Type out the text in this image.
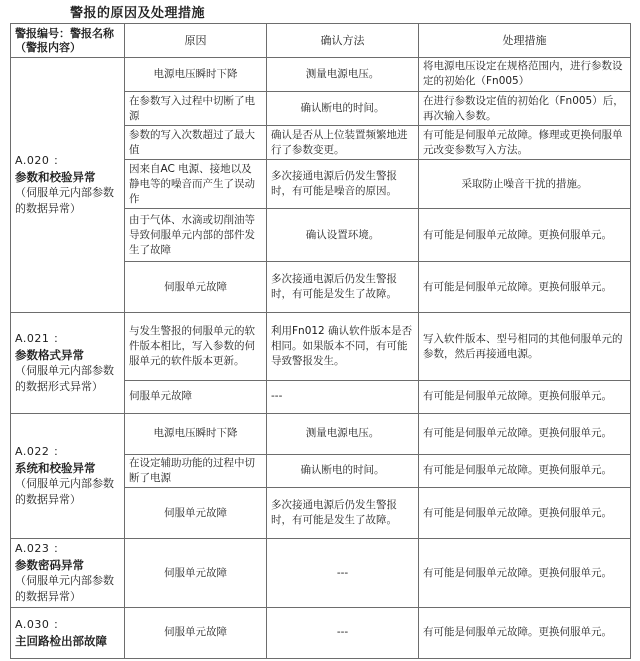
警报的原因及处理措施
警报编号：警报名称（警报内容）	原因	确认方法	处理措施

A.020 ：
参数和校验异常
（伺服单元内部参数的数据异常）	电源电压瞬时下降	测量电源电压。	将电源电压设定在规格范围内，进行参数设定的初始化（Fn005）
	在参数写入过程中切断了电源	确认断电的时间。	在进行参数设定值的初始化（Fn005）后，再次输入参数。
	参数的写入次数超过了最大值	确认是否从上位装置频繁地进行了参数变更。	有可能是伺服单元故障。修理或更换伺服单元改变参数写入方法。
	因来自AC 电源、接地以及静电等的噪音而产生了误动作	多次接通电源后仍发生警报时，有可能是噪音的原因。	采取防止噪音干扰的措施。
	由于气体、水滴或切削油等导致伺服单元内部的部件发生了故障	确认设置环境。	有可能是伺服单元故障。更换伺服单元。
	伺服单元故障	多次接通电源后仍发生警报时，有可能是发生了故障。	有可能是伺服单元故障。更换伺服单元。

A.021 ：
参数格式异常
（伺服单元内部参数的数据形式异常）	与发生警报的伺服单元的软件版本相比，写入参数的伺服单元的软件版本更新。	利用Fn012 确认软件版本是否相同。如果版本不同，有可能导致警报发生。	写入软件版本、型号相同的其他伺服单元的参数，然后再接通电源。
	伺服单元故障	---	有可能是伺服单元故障。更换伺服单元。

A.022 ：
系统和校验异常
（伺服单元内部参数的数据异常）	电源电压瞬时下降	测量电源电压。	有可能是伺服单元故障。更换伺服单元。
	在设定辅助功能的过程中切断了电源	确认断电的时间。	有可能是伺服单元故障。更换伺服单元。
	伺服单元故障	多次接通电源后仍发生警报时，有可能是发生了故障。	有可能是伺服单元故障。更换伺服单元。

A.023 ：
参数密码异常
（伺服单元内部参数的数据异常）	伺服单元故障	---	有可能是伺服单元故障。更换伺服单元。

A.030 ：
主回路检出部故障	伺服单元故障	---	有可能是伺服单元故障。更换伺服单元。
